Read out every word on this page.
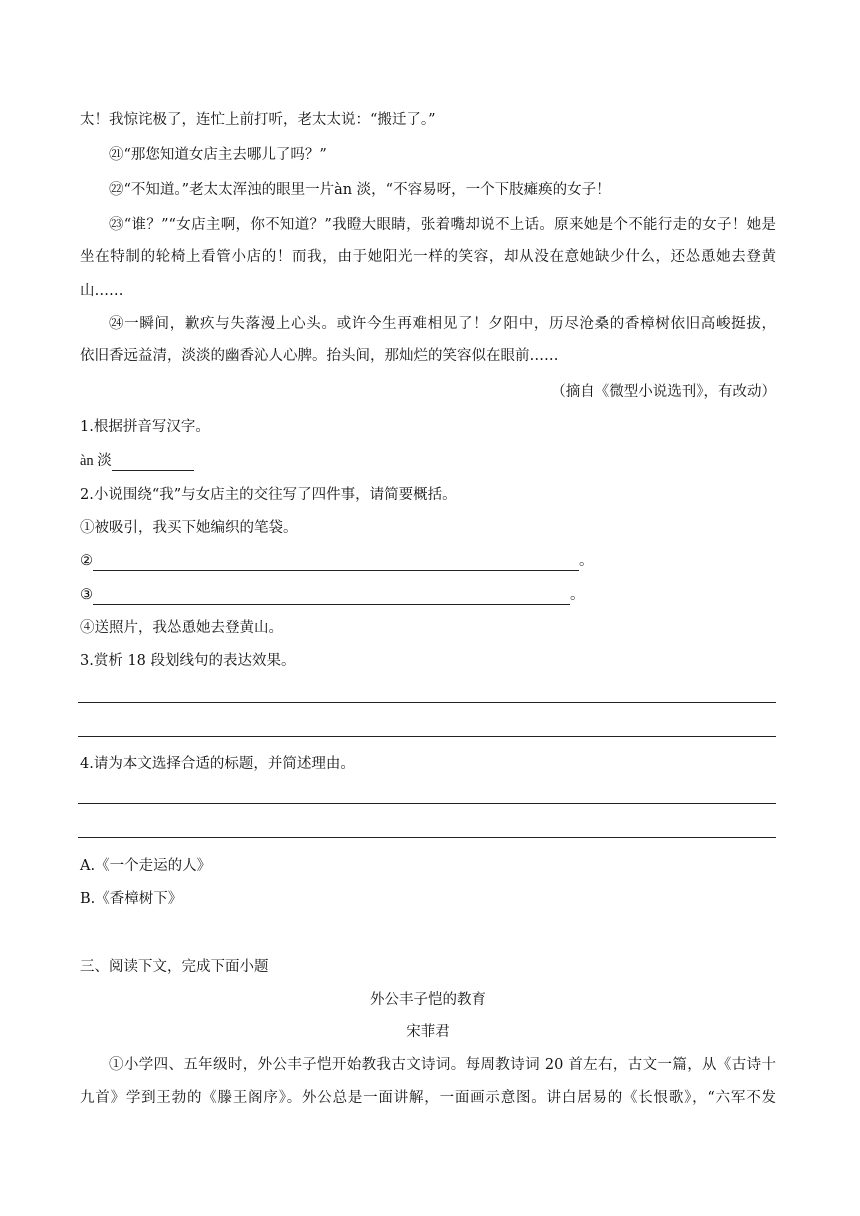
太！我惊诧极了，连忙上前打听，老太太说：“搬迁了。”
㉑“那您知道女店主去哪儿了吗？”
㉒“不知道。”老太太浑浊的眼里一片àn 淡，“不容易呀，一个下肢瘫痪的女子！
㉓“谁？”“女店主啊，你不知道？”我瞪大眼睛，张着嘴却说不上话。原来她是个不能行走的女子！她是
坐在特制的轮椅上看管小店的！而我，由于她阳光一样的笑容，却从没在意她缺少什么，还怂恿她去登黄
山……
㉔一瞬间，歉疚与失落漫上心头。或许今生再难相见了！夕阳中，历尽沧桑的香樟树依旧高峻挺拔，
依旧香远益清，淡淡的幽香沁人心脾。抬头间，那灿烂的笑容似在眼前……
（摘自《微型小说选刊》，有改动）
1.根据拼音写汉字。
àn 淡
2.小说围绕“我”与女店主的交往写了四件事，请简要概括。
①被吸引，我买下她编织的笔袋。
②	。
③	。
④送照片，我怂恿她去登黄山。
3.赏析 18 段划线句的表达效果。
4.请为本文选择合适的标题，并简述理由。
A.《一个走运的人》
B.《香樟树下》
三、阅读下文，完成下面小题
外公丰子恺的教育
宋菲君
①小学四、五年级时，外公丰子恺开始教我古文诗词。每周教诗词 20 首左右，古文一篇，从《古诗十
九首》学到王勃的《滕王阁序》。外公总是一面讲解，一面画示意图。讲白居易的《长恨歌》，“六军不发
